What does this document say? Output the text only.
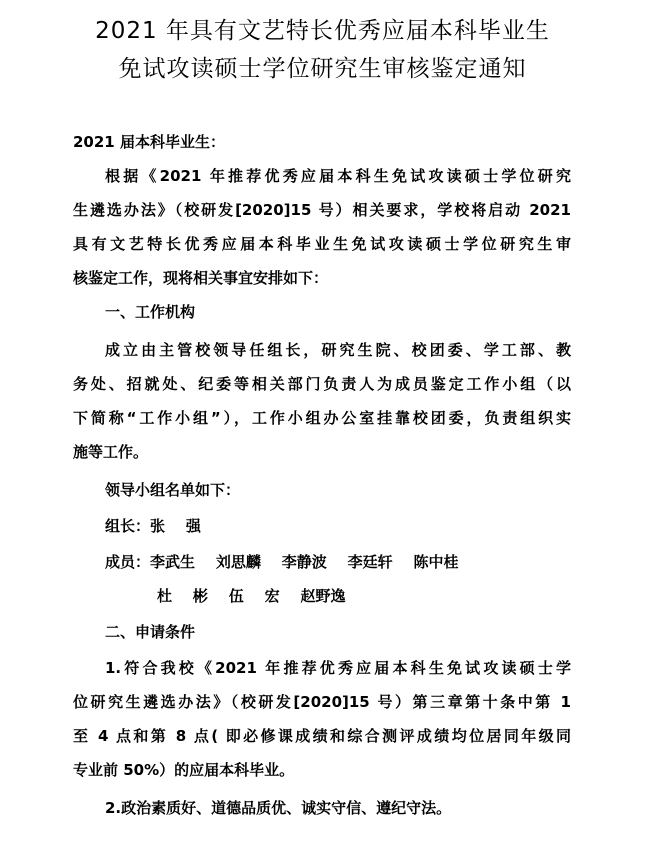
2021 年具有文艺特长优秀应届本科毕业生
免试攻读硕士学位研究生审核鉴定通知

2021 届本科毕业生：

根据《2021 年推荐优秀应届本科生免试攻读硕士学位研究

生遴选办法》（校研发[2020]15 号）相关要求，学校将启动 2021

具有文艺特长优秀应届本科毕业生免试攻读硕士学位研究生审

核鉴定工作，现将相关事宜安排如下：

一、工作机构

成立由主管校领导任组长，研究生院、校团委、学工部、教

务处、招就处、纪委等相关部门负责人为成员鉴定工作小组（以

下简称“工作小组”），工作小组办公室挂靠校团委，负责组织实

施等工作。

领导小组名单如下：

组长：张    强

成员：李武生    刘思麟    李静波    李廷轩    陈中桂

杜    彬    伍    宏    赵野逸

二、申请条件

1.符合我校《2021 年推荐优秀应届本科生免试攻读硕士学

位研究生遴选办法》（校研发[2020]15 号）第三章第十条中第 1

至 4 点和第 8 点( 即必修课成绩和综合测评成绩均位居同年级同

专业前 50%）的应届本科毕业。

2.政治素质好、道德品质优、诚实守信、遵纪守法。
